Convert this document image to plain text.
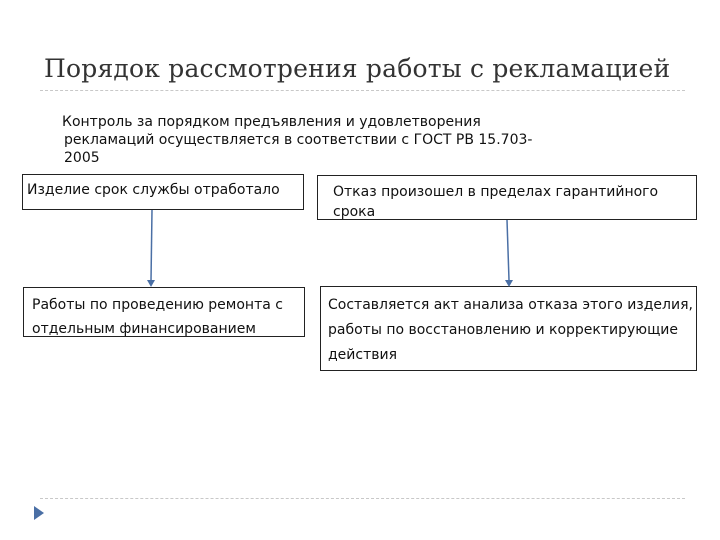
Порядок рассмотрения работы с рекламацией
Контроль за порядком предъявления и удовлетворения
рекламаций осуществляется в соответствии с ГОСТ РВ 15.703-
2005
Изделие срок службы отработало	Отказ произошел в пределах гарантийного
срока
Работы по проведению ремонта с
отдельным финансированием
Составляется акт анализа отказа этого изделия,
работы по восстановлению и корректирующие
действия
